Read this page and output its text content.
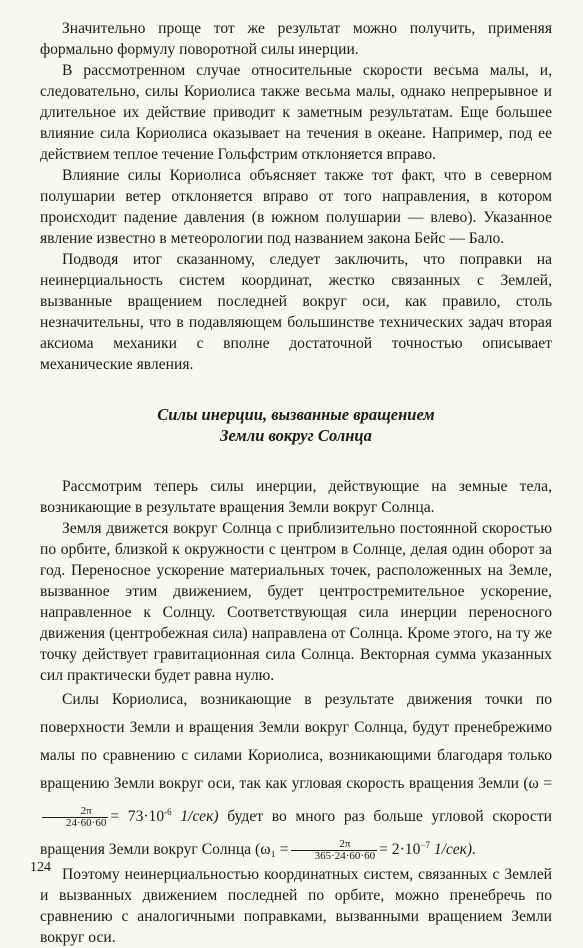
Значительно проще тот же результат можно получить, применяя формально формулу поворотной силы инерции.

В рассмотренном случае относительные скорости весьма малы, и, следовательно, силы Кориолиса также весьма малы, однако непрерывное и длительное их действие приводит к заметным результатам. Еще большее влияние сила Кориолиса оказывает на течения в океане. Например, под ее действием теплое течение Гольфстрим отклоняется вправо.

Влияние силы Кориолиса объясняет также тот факт, что в северном полушарии ветер отклоняется вправо от того направления, в котором происходит падение давления (в южном полушарии — влево). Указанное явление известно в метеорологии под названием закона Бейс — Бало.

Подводя итог сказанному, следует заключить, что поправки на неинерциальность систем координат, жестко связанных с Землей, вызванные вращением последней вокруг оси, как правило, столь незначительны, что в подавляющем большинстве технических задач вторая аксиома механики с вполне достаточной точностью описывает механические явления.

Силы инерции, вызванные вращением
Земли вокруг Солнца

Рассмотрим теперь силы инерции, действующие на земные тела, возникающие в результате вращения Земли вокруг Солнца.

Земля движется вокруг Солнца с приблизительно постоянной скоростью по орбите, близкой к окружности с центром в Солнце, делая один оборот за год. Переносное ускорение материальных точек, расположенных на Земле, вызванное этим движением, будет центростремительное ускорение, направленное к Солнцу. Соответствующая сила инерции переносного движения (центробежная сила) направлена от Солнца. Кроме этого, на ту же точку действует гравитационная сила Солнца. Векторная сумма указанных сил практически будет равна нулю.

Силы Кориолиса, возникающие в результате движения точки по поверхности Земли и вращения Земли вокруг Солнца, будут пренебрежимо малы по сравнению с силами Кориолиса, возникающими благодаря только вращению Земли вокруг оси, так как угловая скорость вращения Земли (ω =
$\frac{2\pi}{24\cdot 60\cdot 60} = 73\cdot 10^{-6}$ 1/сек) будет во много раз больше угловой скорости вращения Земли вокруг Солнца ($\omega_1 = \frac{2\pi}{365\cdot 24\cdot 60\cdot 60} = 2\cdot 10^{-7}$ 1/сек).

Поэтому неинерциальностью координатных систем, связанных с Землей и вызванных движением последней по орбите, можно пренебречь по сравнению с аналогичными поправками, вызванными вращением Земли вокруг оси.

124
